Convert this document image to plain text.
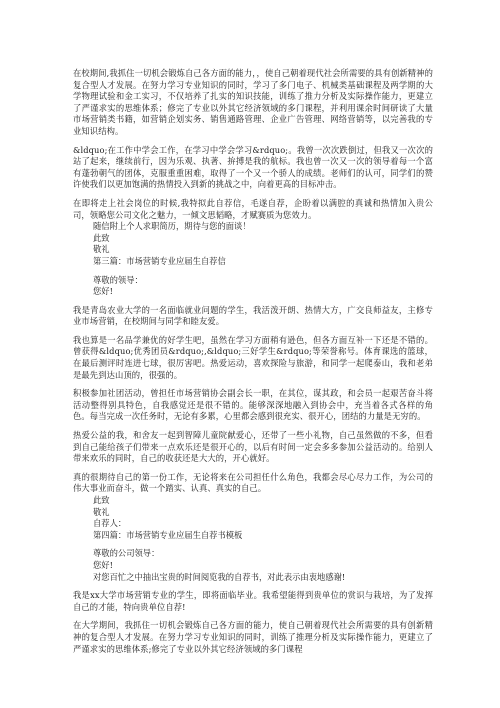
在校期间,我抓住一切机会锻炼自己各方面的能力，，使自己朝着现代社会所需要的具有创新精神的复合型人才发展。在努力学习专业知识的同时，学习了多门电子、机械类基础课程及两学期的大学物理试验和金工实习，不仅培养了扎实的知识技能，训练了推力分析及实际操作能力，更建立了严谨求实的思维体系；修完了专业以外其它经济领域的多门课程，并利用课余时间研读了大量市场营销类书籍，如营销企划实务、销售通路管理、企业广告管理、网络营销等，以完善我的专业知识结构。

&ldquo;在工作中学会工作，在学习中学会学习&rdquo;。我曾一次次跌倒过，但我又一次次的站了起来，继续前行，因为乐观、执著、拚搏是我的航标。我也曾一次又一次的领导着每一个富有蓬勃朝气的团体，克服重重困难，取得了一个又一个骄人的成绩。老师们的认可，同学们的赞许使我们以更加饱满的热情投入到新的挑战之中，向着更高的目标冲击。

在即将走上社会岗位的时候,我特拟此自荐信，毛遂自荐，企盼着以满腔的真诚和热情加入贵公司，领略您公司文化之魅力，一倾文思韬略，才赋赛质为您效力。

随信附上个人求职简历，期待与您的面谈！

此致

敬礼

第三篇：市场营销专业应届生自荐信

尊敬的领导：

您好!

我是青岛农业大学的一名面临就业问题的学生，我活泼开朗、热情大方，广交良师益友，主修专业市场营销，在校期间与同学和睦友爱。

我也算是一名品学兼优的好学生吧，虽然在学习方面稍有逊色，但各方面互补一下还是不错的。曾获得&ldquo;优秀团员&rdquo;,&ldquo;三好学生&rdquo;等荣誉称号。体育课选的篮球，在最后测评时连进七球，很厉害吧。热爱运动，喜欢探险与旅游，和同学一起爬泰山，我和老弟是最先到达山顶的，很强的。

积极参加社团活动，曾担任市场营销协会副会长一职，在其位，谋其政，和会员一起艰苦奋斗将活动整得别具特色，自我感觉还是很不错的。能够深深地融入到协会中，充当着各式各样的角色。每当完成一次任务时，无论有多累，心里都会感到很充实、很开心，团结的力量是无穷的。

热爱公益的我，和舍友一起到智障儿童院献爱心，还带了一些小礼物，自己虽然做的不多，但看到自己能给孩子们带来一点欢乐还是很开心的，以后有时间一定会多多参加公益活动的。给别人带来欢乐的同时，自己的收获还是大大的，开心就好。

真的很期待自己的第一份工作，无论将来在公司担任什么角色，我都会尽心尽力工作，为公司的伟大事业而奋斗，做一个踏实、认真、真实的自己。

此致

敬礼

自荐人：

第四篇：市场营销专业应届生自荐书模板

尊敬的公司领导：

您好!

对您百忙之中抽出宝贵的时间阅览我的自荐书，对此表示由衷地感谢!

我是xx大学市场营销专业的学生，即将面临毕业。我希望能得到贵单位的赏识与栽培，为了发挥自己的才能，特向贵单位自荐!

在大学期间，我抓住一切机会锻炼自己各方面的能力，使自己朝着现代社会所需要的具有创新精神的复合型人才发展。在努力学习专业知识的同时，训练了推理分析及实际操作能力，更建立了严谨求实的思维体系;修完了专业以外其它经济领域的多门课程
